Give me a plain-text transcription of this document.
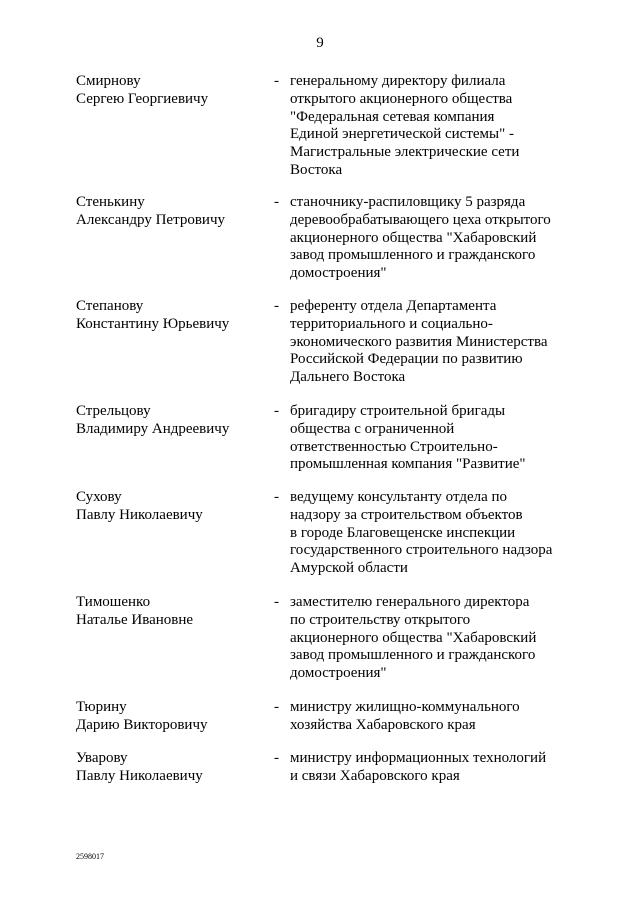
9
Смирнову
Сергею Георгиевичу
- генеральному директору филиала
открытого акционерного общества
"Федеральная сетевая компания
Единой энергетической системы" -
Магистральные электрические сети
Востока
Стенькину
Александру Петровичу
- станочнику-распиловщику 5 разряда
деревообрабатывающего цеха открытого
акционерного общества "Хабаровский
завод промышленного и гражданского
домостроения"
Степанову
Константину Юрьевичу
- референту отдела Департамента
территориального и социально-
экономического развития Министерства
Российской Федерации по развитию
Дальнего Востока
Стрельцову
Владимиру Андреевичу
- бригадиру строительной бригады
общества с ограниченной
ответственностью Строительно-
промышленная компания "Развитие"
Сухову
Павлу Николаевичу
- ведущему консультанту отдела по
надзору за строительством объектов
в городе Благовещенске инспекции
государственного строительного надзора
Амурской области
Тимошенко
Наталье Ивановне
- заместителю генерального директора
по строительству открытого
акционерного общества "Хабаровский
завод промышленного и гражданского
домостроения"
Тюрину
Дарию Викторовичу
- министру жилищно-коммунального
хозяйства Хабаровского края
Уварову
Павлу Николаевичу
- министру информационных технологий
и связи Хабаровского края
2598017
